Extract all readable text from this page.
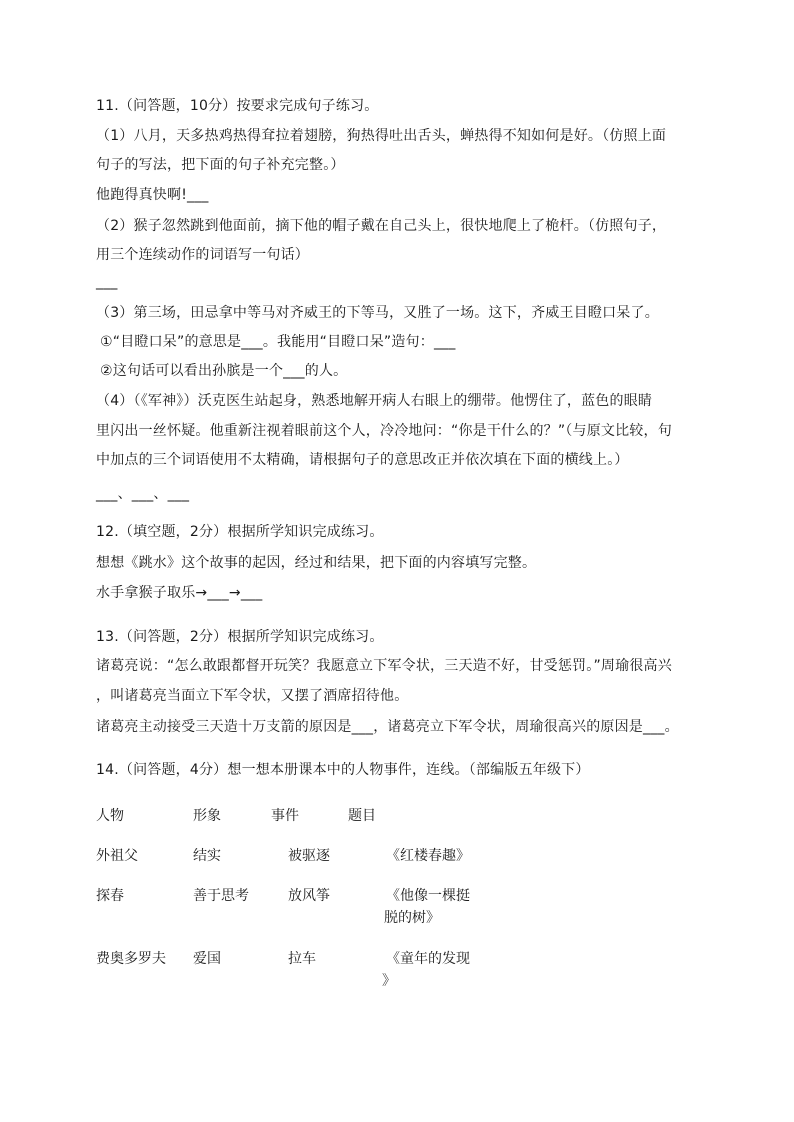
11.（问答题，10分）按要求完成句子练习。
（1）八月，天多热鸡热得耷拉着翅膀，狗热得吐出舌头，蝉热得不知如何是好。（仿照上面
句子的写法，把下面的句子补充完整。）
他跑得真快啊!___
（2）猴子忽然跳到他面前，摘下他的帽子戴在自己头上，很快地爬上了桅杆。（仿照句子，
用三个连续动作的词语写一句话）
___
（3）第三场，田忌拿中等马对齐威王的下等马，又胜了一场。这下，齐威王目瞪口呆了。
①“目瞪口呆”的意思是___。我能用“目瞪口呆”造句：___
②这句话可以看出孙膑是一个___的人。
（4）（《军神》）沃克医生站起身，熟悉地解开病人右眼上的绷带。他愣住了，蓝色的眼睛
里闪出一丝怀疑。他重新注视着眼前这个人，冷冷地问：“你是干什么的？”（与原文比较，句
中加点的三个词语使用不太精确，请根据句子的意思改正并依次填在下面的横线上。）
___、___、___
12.（填空题，2分）根据所学知识完成练习。
想想《跳水》这个故事的起因，经过和结果，把下面的内容填写完整。
水手拿猴子取乐→___→___
13.（问答题，2分）根据所学知识完成练习。
诸葛亮说：“怎么敢跟都督开玩笑？我愿意立下军令状，三天造不好，甘受惩罚。”周瑜很高兴
，叫诸葛亮当面立下军令状，又摆了酒席招待他。
诸葛亮主动接受三天造十万支箭的原因是___，诸葛亮立下军令状，周瑜很高兴的原因是___。
14.（问答题，4分）想一想本册课本中的人物事件，连线。（部编版五年级下）
人物	形象	事件	题目
外祖父	结实	被驱逐	《红楼春趣》
探春	善于思考	放风筝	《他像一棵挺
脱的树》
费奥多罗夫 爱国	拉车	《童年的发现
》
